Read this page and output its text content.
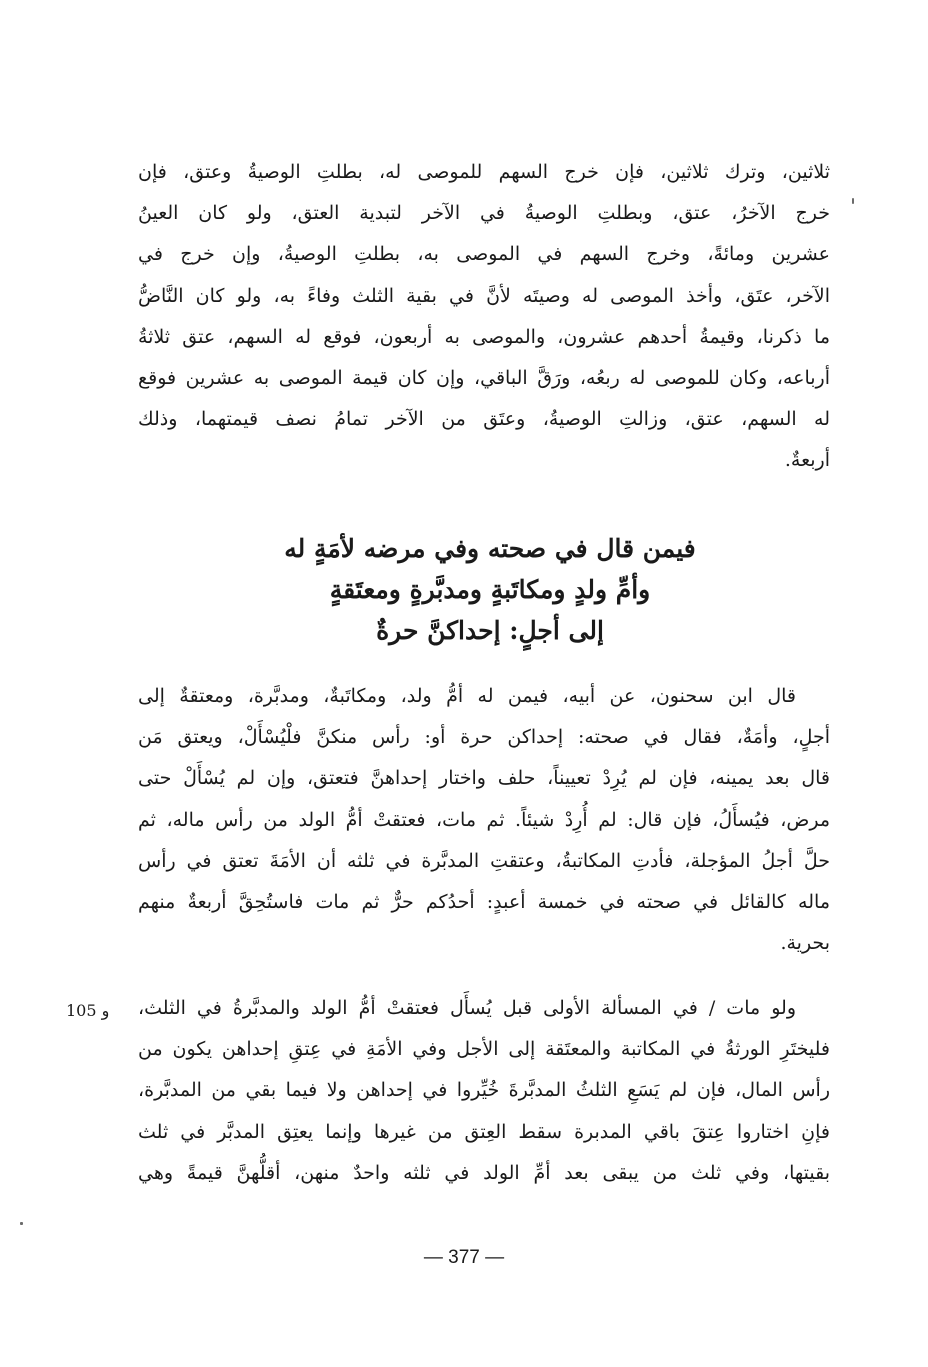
ثلاثين، وترك ثلاثين، فإن خرج السهم للموصى له، بطلتِ الوصيةُ وعتق، فإن
خرج الآخرُ، عتق، وبطلتِ الوصيةُ في الآخر لتبدية العتق، ولو كان العينُ
عشرين ومائةً، وخرج السهم في الموصى به، بطلتِ الوصيةُ، وإن خرج في
الآخر، عتَق، وأخذ الموصى له وصيتَه لأنَّ في بقية الثلث وفاءً به، ولو كان النَّاضُّ
ما ذكرنا، وقيمةُ أحدهم عشرون، والموصى به أربعون، فوقع له السهم، عتق ثلاثةُ
أرباعه، وكان للموصى له ربعُه، ورَقَّ الباقي، وإن كان قيمة الموصى به عشرين فوقع
له السهم، عتق، وزالتِ الوصيةُ، وعتَق من الآخر تمامُ نصف قيمتهما، وذلك
أربعةٌ.
فيمن قال في صحته وفي مرضه لأمَةٍ له
وأمِّ ولدٍ ومكاتَبةٍ ومدبَّرةٍ ومعتَقةٍ
إلى أجلٍ: إحداكنَّ حرةٌ
قال ابن سحنون، عن أبيه، فيمن له أمُّ ولد، ومكاتَبةٌ، ومدبَّرة، ومعتقةٌ إلى
أجلٍ، وأمَةٌ، فقال في صحته: إحداكن حرة أو: رأس منكنَّ فلْيُسْأَلْ، ويعتق مَن
قال بعد يمينه، فإن لم يُرِدْ تعييناً، حلف واختار إحداهنَّ فتعتق، وإن لم يُسْأَلْ حتى
مرض، فيُسأَلُ، فإن قال: لم أُرِدْ شيئاً. ثم مات، فعتقتْ أمُّ الولد من رأس ماله، ثم
حلَّ أجلُ المؤجلة، فأدتِ المكاتبةُ، وعتقتِ المدبَّرة في ثلثه أن الأمَةَ تعتق في رأس
ماله كالقائل في صحته في خمسة أعبدٍ: أحدُكم حرٌّ ثم مات فاستُحِقَّ أربعةٌ منهم
بحرية.
و 105 ولو مات / في المسألة الأولى قبل يُسأَل فعتقتْ أمُّ الولد والمدبَّرةُ في الثلث،
فليختَرِ الورثةُ في المكاتبة والمعتَقة إلى الأجل وفي الأمَةِ في عِتقِ إحداهن يكون من
رأس المال، فإن لم يَسَعِ الثلثُ المدبَّرةَ خُيِّروا في إحداهن ولا فيما بقي من المدبَّرة،
فإنِ اختاروا عِتقَ باقي المدبرة سقط العِتق من غيرها وإنما يعتِق المدبَّر في ثلث
بقيتها، وفي ثلث من يبقى بعد أمِّ الولد في ثلثه واحدٌ منهن، أقلُّهنَّ قيمةً وهي
— 377 —
